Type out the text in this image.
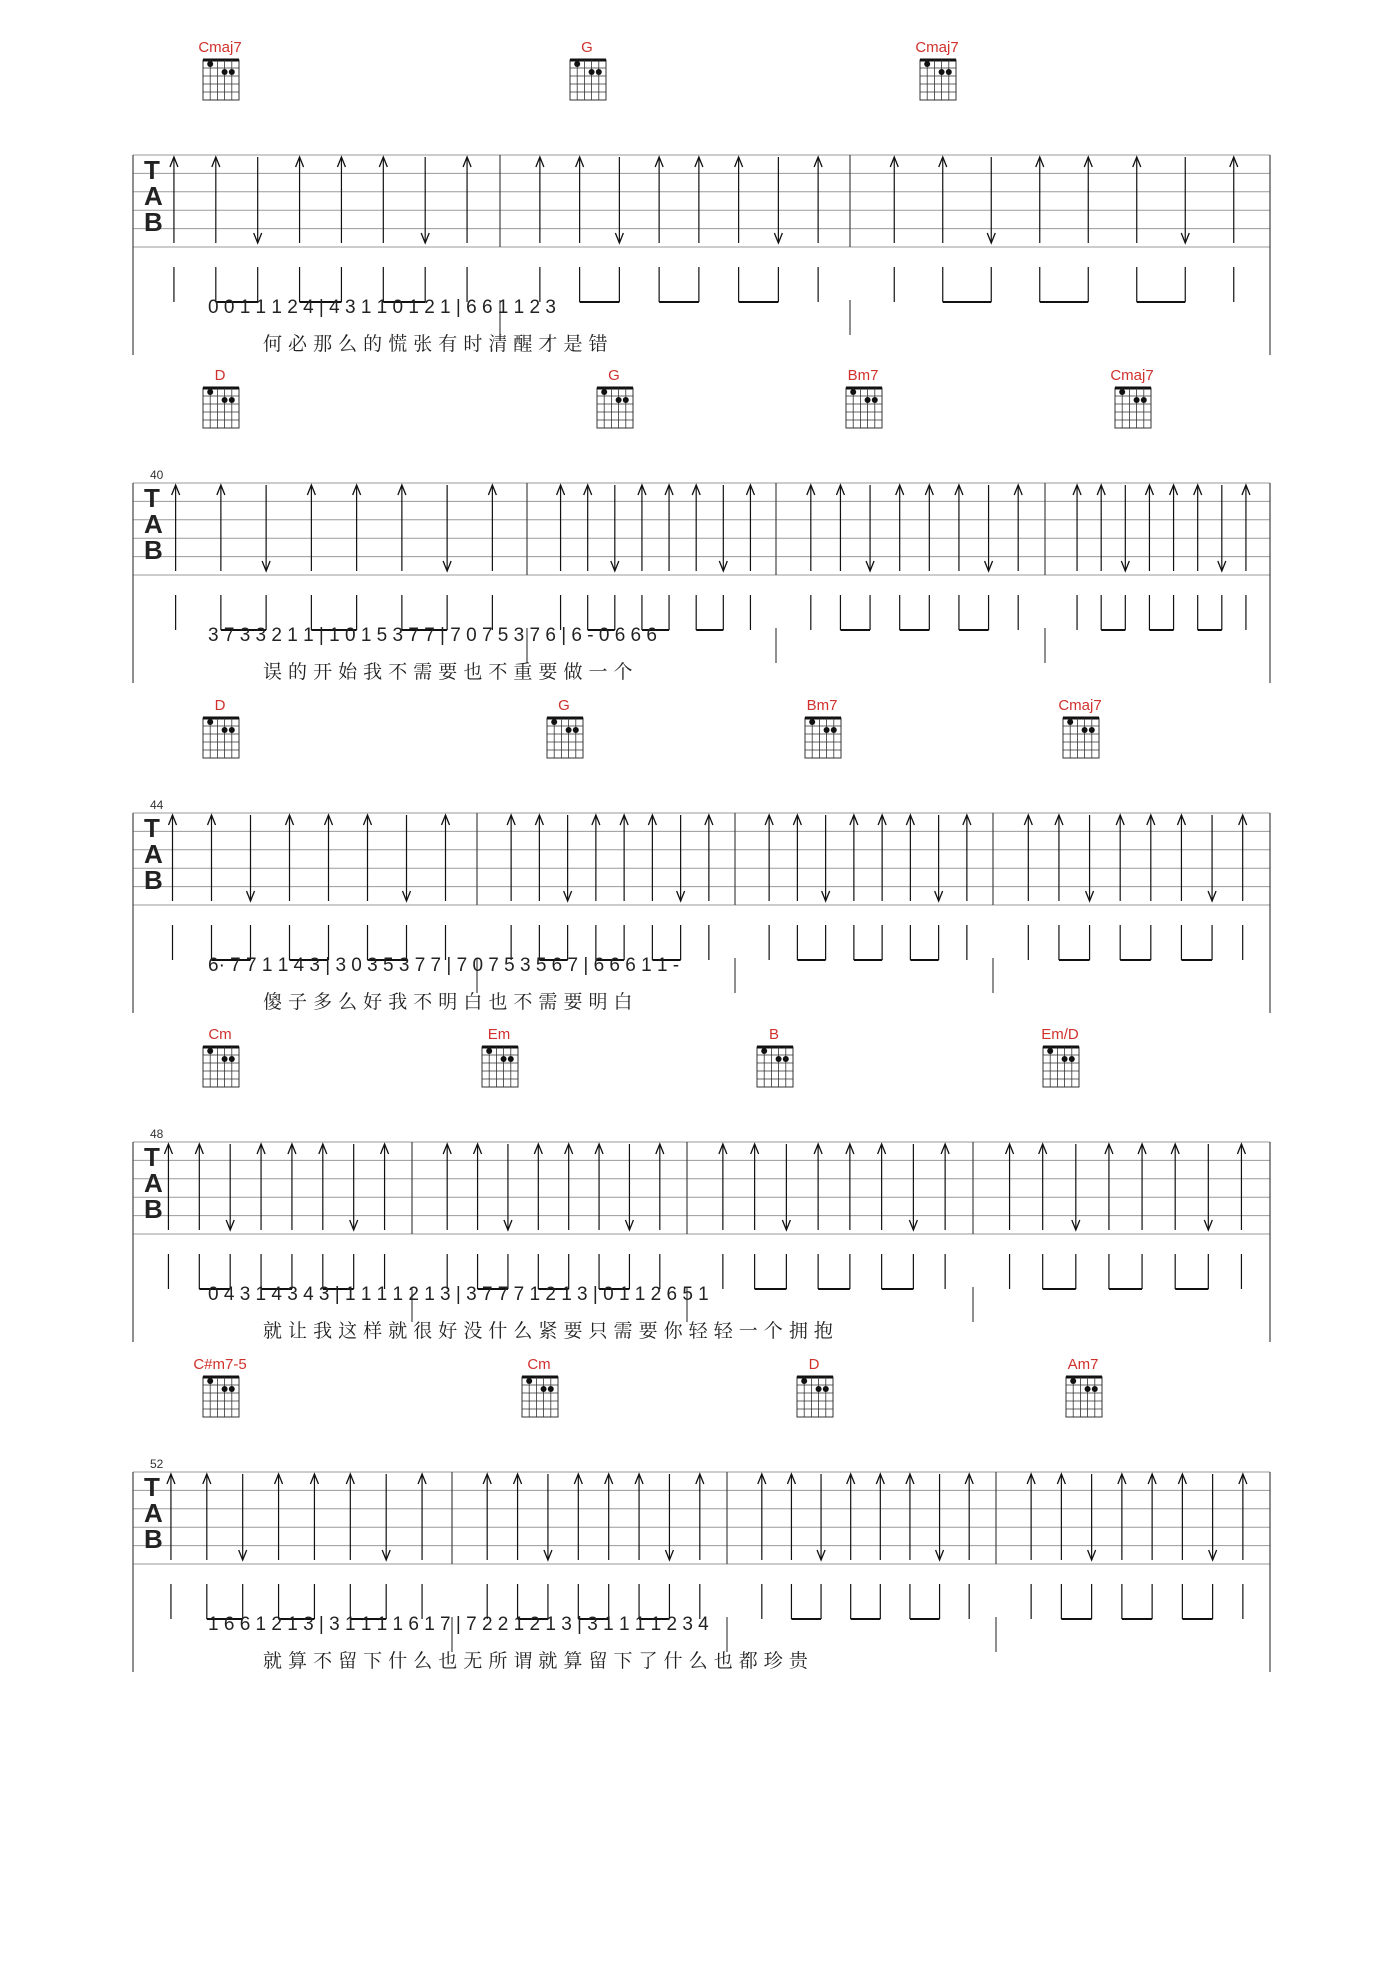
T
A
B
Cmaj7	G	Cmaj7
0 0 1 1 1 2 4 | 4 3 1 1 0 1 2 1 | 6 6 1 1 2 3
何 必 那 么 的 慌 张 有 时 清 醒 才 是 错
T
A
B
40
D	G	Bm7	Cmaj7
3 7 3 3 2 1 1 | 1 0 1 5 3 7 7 | 7 0 7 5 3 7 6 | 6 - 0 6 6 6
误 的 开 始 我 不 需 要 也 不 重 要 做 一 个
T
A
B
44
D	G	Bm7	Cmaj7
6· 7 7 1 1 4 3 | 3 0 3 5 3 7 7 | 7 0 7 5 3 5 6 7 | 6 6 6 1 1 -
傻 子 多 么 好 我 不 明 白 也 不 需 要 明 白
T
A
B
48
Cm	Em	B	Em/D
0 4 3 1 4 3 4 3 | 1 1 1 1 2 1 3 | 3 7 7 7 1 2 1 3 | 0 1 1 2 6 5 1
就 让 我 这 样 就 很 好 没 什 么 紧 要 只 需 要 你 轻 轻 一 个 拥 抱
T
A
B
52
C#m7-5	Cm	D	Am7
1 6 6 1 2 1 3 | 3 1 1 1 1 6 1 7 | 7 2 2 1 2 1 3 | 3 1 1 1 1 2 3 4
就 算 不 留 下 什 么 也 无 所 谓 就 算 留 下 了 什 么 也 都 珍 贵
